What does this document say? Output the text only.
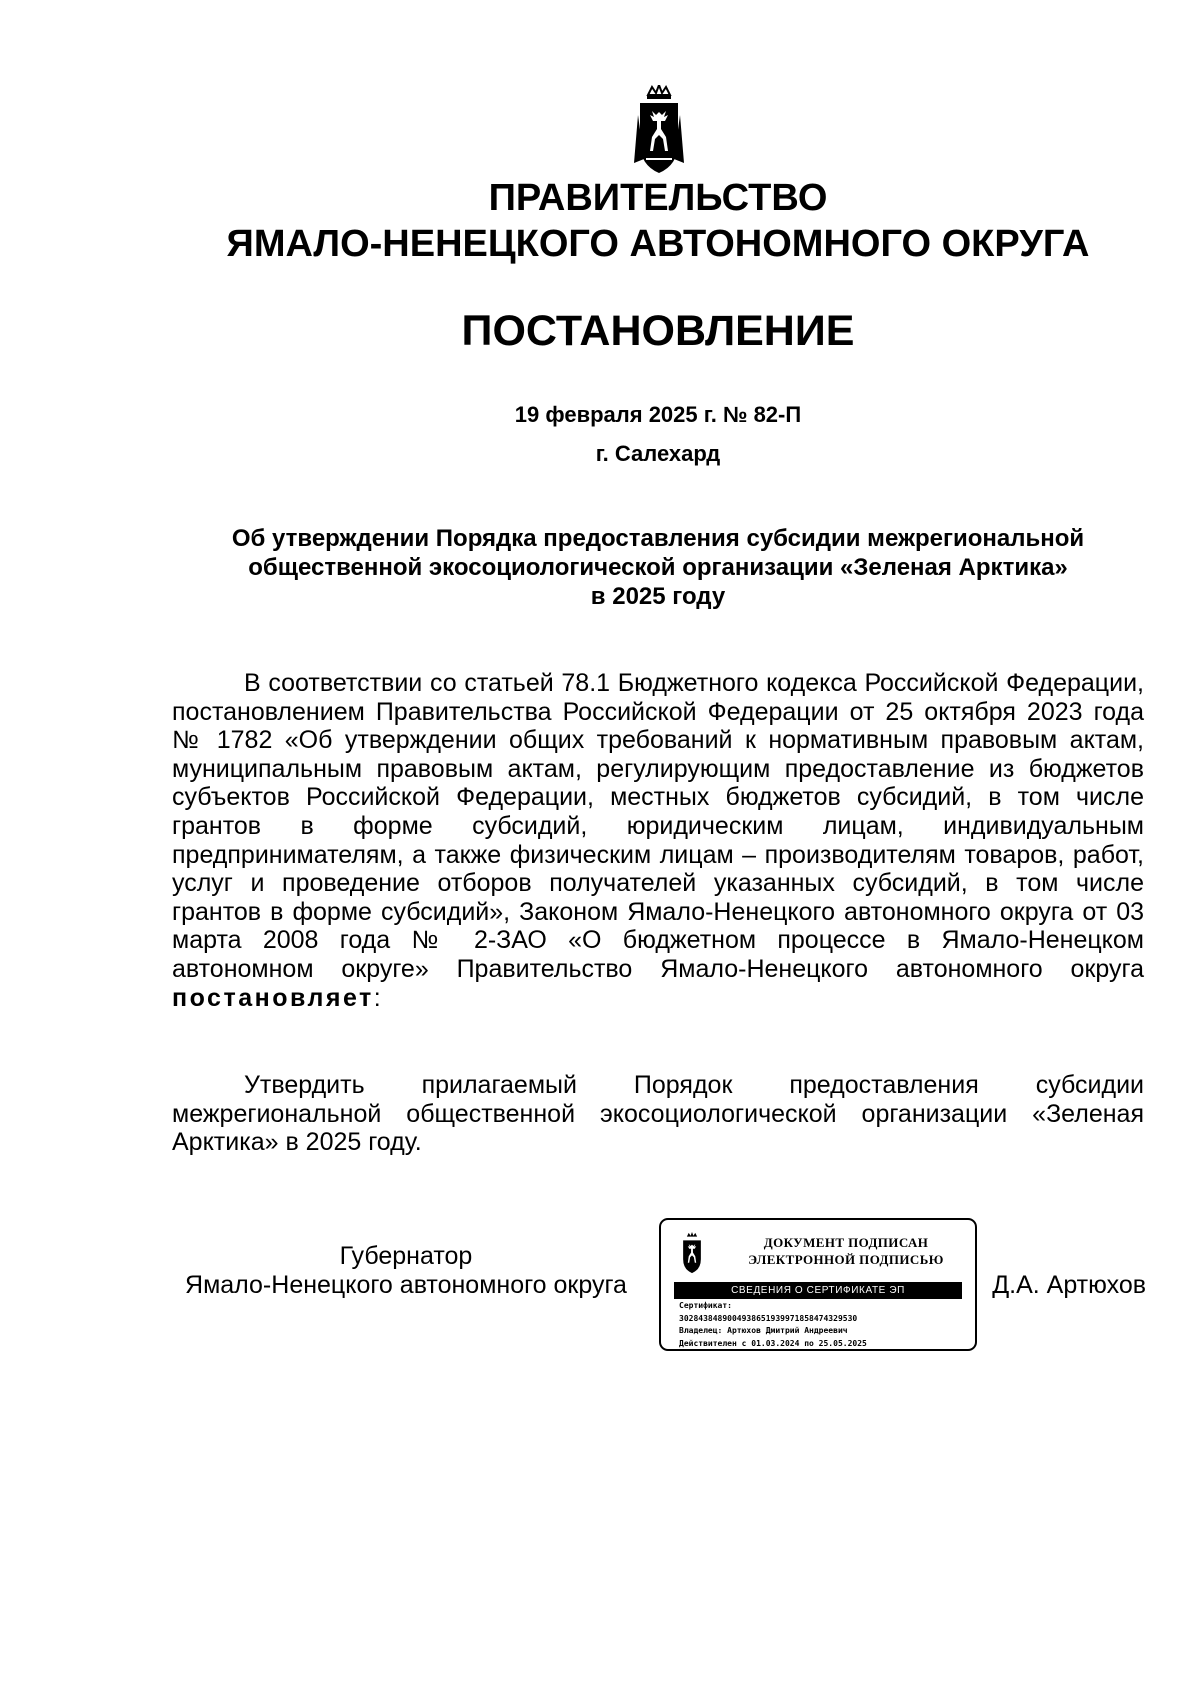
ПРАВИТЕЛЬСТВО
ЯМАЛО-НЕНЕЦКОГО АВТОНОМНОГО ОКРУГА
ПОСТАНОВЛЕНИЕ
19 февраля 2025 г. № 82-П
г. Салехард
Об утверждении Порядка предоставления субсидии межрегиональной
общественной экосоциологической организации «Зеленая Арктика»
в 2025 году
В соответствии со статьей 78.1 Бюджетного кодекса Российской Федерации, постановлением Правительства Российской Федерации от 25 октября 2023 года № 1782 «Об утверждении общих требований к нормативным правовым актам, муниципальным правовым актам, регулирующим предоставление из бюджетов субъектов Российской Федерации, местных бюджетов субсидий, в том числе грантов в форме субсидий, юридическим лицам, индивидуальным предпринимателям, а также физическим лицам – производителям товаров, работ, услуг и проведение отборов получателей указанных субсидий, в том числе грантов в форме субсидий», Законом Ямало-Ненецкого автономного округа от 03 марта 2008 года № 2-ЗАО «О бюджетном процессе в Ямало-Ненецком автономном округе» Правительство Ямало-Ненецкого автономного округа постановляет:
Утвердить прилагаемый Порядок предоставления субсидии межрегиональной общественной экосоциологической организации «Зеленая Арктика» в 2025 году.
Губернатор
Ямало-Ненецкого автономного округа
ДОКУМЕНТ ПОДПИСАН
ЭЛЕКТРОННОЙ ПОДПИСЬЮ
СВЕДЕНИЯ О СЕРТИФИКАТЕ ЭП
Сертификат:
3028438489004938651939971858474329530
Владелец: Артюхов Дмитрий Андреевич
Действителен с 01.03.2024 по 25.05.2025
Д.А. Артюхов
